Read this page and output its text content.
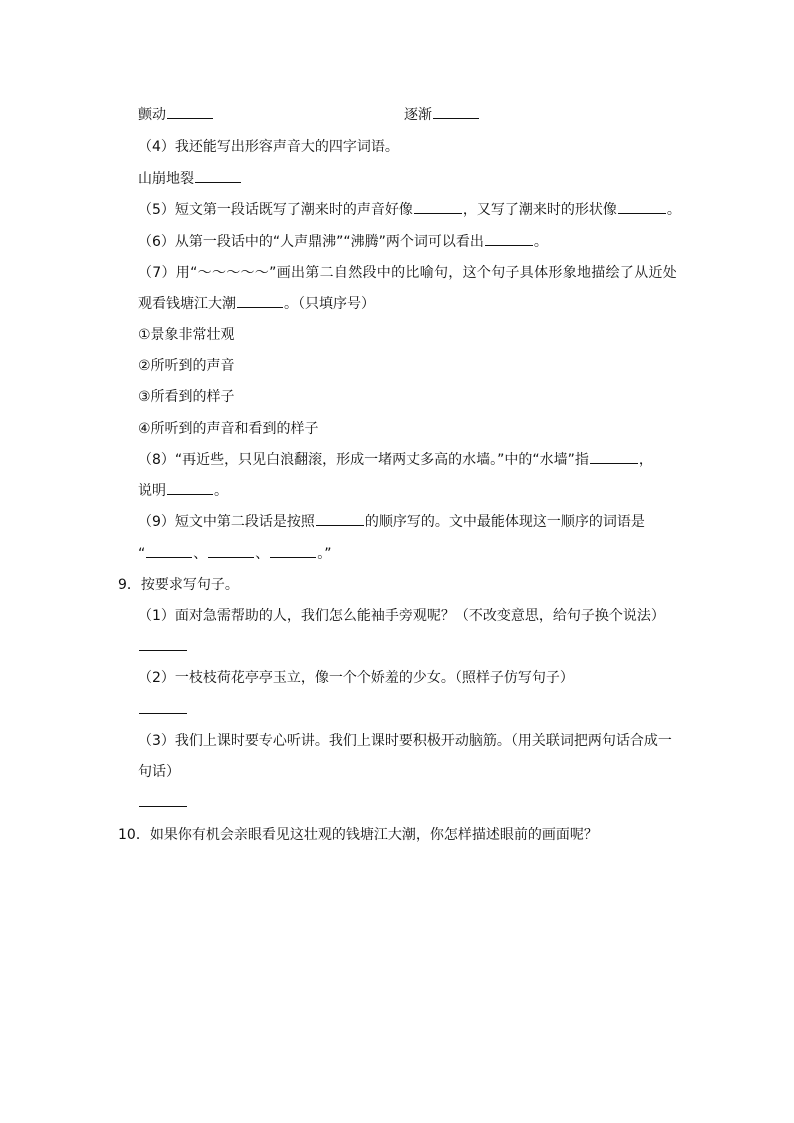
颤动	逐渐
（4）我还能写出形容声音大的四字词语。
山崩地裂
（5）短文第一段话既写了潮来时的声音好像	，又写了潮来时的形状像	。
（6）从第一段话中的“人声鼎沸”“沸腾”两个词可以看出	。
（7）用“～～～～～”画出第二自然段中的比喻句，这个句子具体形象地描绘了从近处
观看钱塘江大潮	。（只填序号）
①景象非常壮观
②所听到的声音
③所看到的样子
④所听到的声音和看到的样子
（8）“再近些，只见白浪翻滚，形成一堵两丈多高的水墙。”中的“水墙”指	，
说明	。
（9）短文中第二段话是按照	的顺序写的。文中最能体现这一顺序的词语是
“	、	、	。”
9．按要求写句子。
（1）面对急需帮助的人，我们怎么能袖手旁观呢？（不改变意思，给句子换个说法）
（2）一枝枝荷花亭亭玉立，像一个个娇羞的少女。（照样子仿写句子）
（3）我们上课时要专心听讲。我们上课时要积极开动脑筋。（用关联词把两句话合成一
句话）
10．如果你有机会亲眼看见这壮观的钱塘江大潮，你怎样描述眼前的画面呢？
